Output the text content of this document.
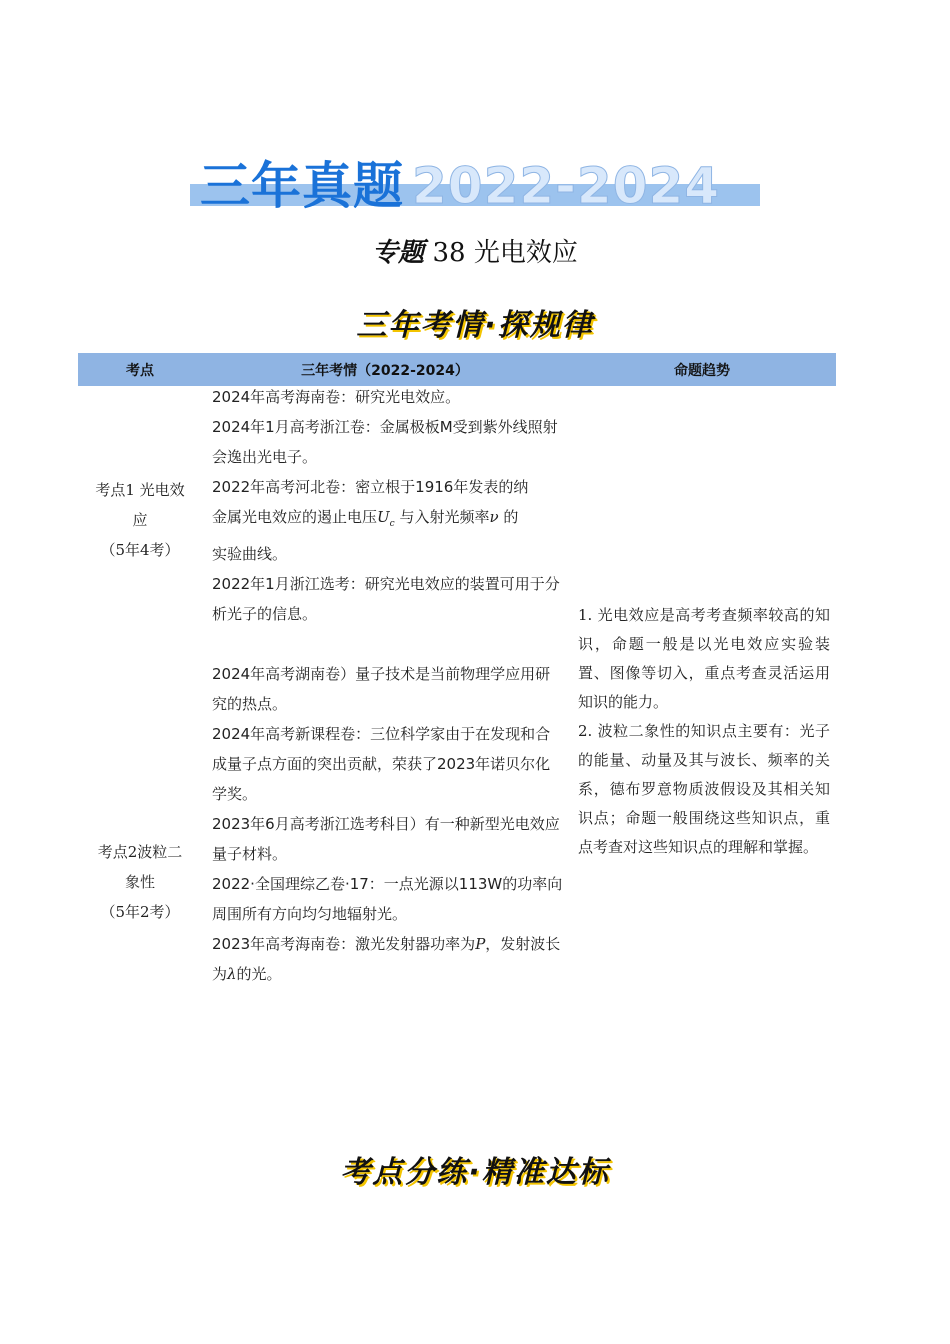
三年真题 2022-2024
专题 38 光电效应
三年考情·探规律
考点	三年考情（2022-2024）	命题趋势
考点1 光电效
应
（5年4考）
考点2波粒二
象性
（5年2考）

2024年高考海南卷：研究光电效应。

2024年1月高考浙江卷：金属极板M受到紫外线照射会逸出光电子。

2022年高考河北卷：密立根于1916年发表的纳

金属光电效应的遏止电压$U_c$ 与入射光频率ν 的

实验曲线。

2022年1月浙江选考：研究光电效应的装置可用于分析光子的信息。

2024年高考湖南卷）量子技术是当前物理学应用研究的热点。

2024年高考新课程卷：三位科学家由于在发现和合成量子点方面的突出贡献，荣获了2023年诺贝尔化学奖。

2023年6月高考浙江选考科目）有一种新型光电效应量子材料。

2022·全国理综乙卷·17：一点光源以113W的功率向周围所有方向均匀地辐射光。

2023年高考海南卷：激光发射器功率为P，发射波长为λ的光。

1. 光电效应是高考考查频率较高的知识，命题一般是以光电效应实验装置、图像等切入，重点考查灵活运用知识的能力。

2. 波粒二象性的知识点主要有：光子的能量、动量及其与波长、频率的关系，德布罗意物质波假设及其相关知识点；命题一般围绕这些知识点，重点考查对这些知识点的理解和掌握。

考点分练·精准达标
